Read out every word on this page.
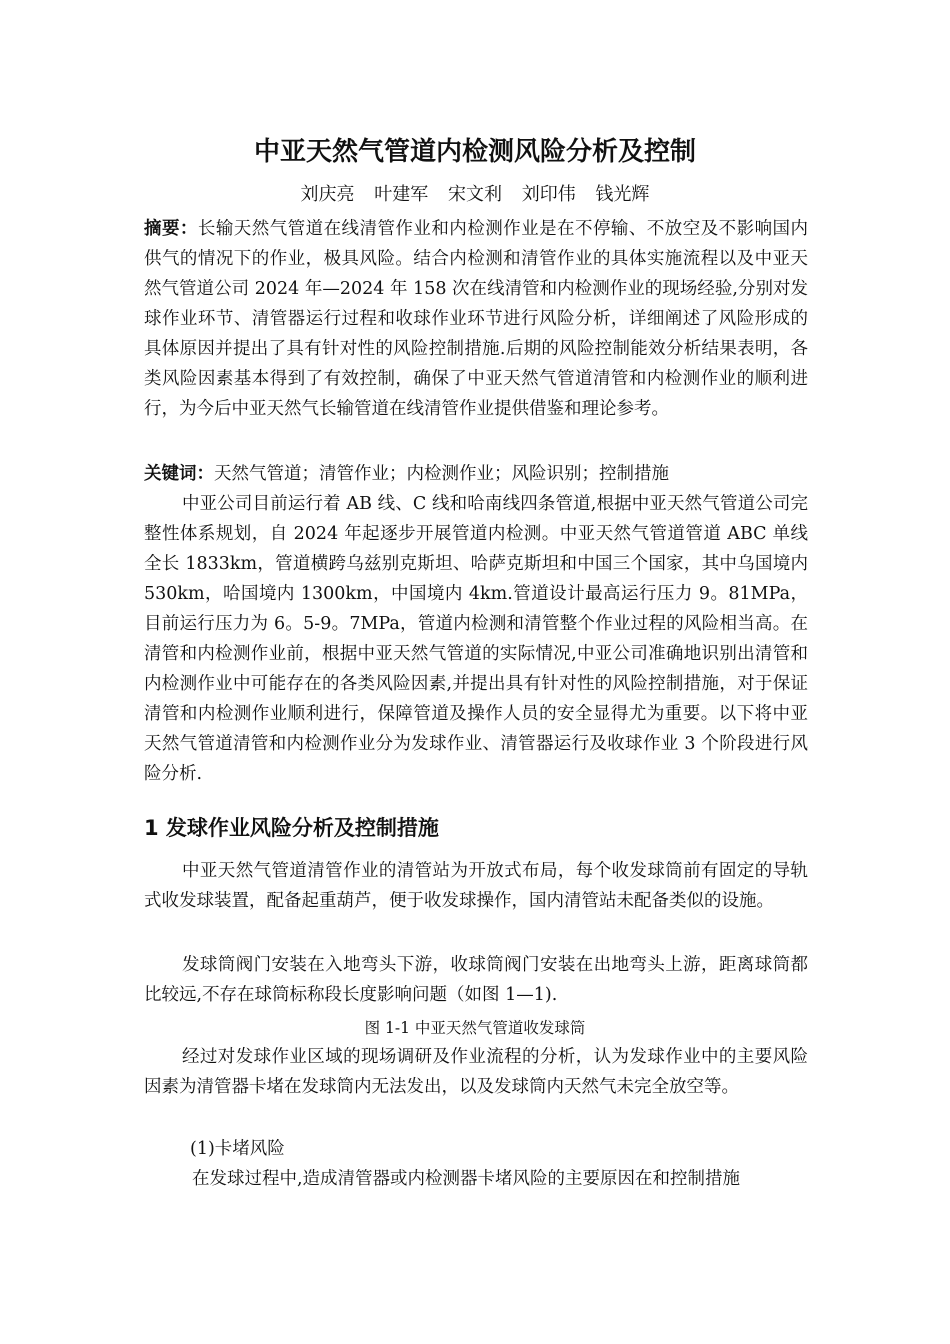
中亚天然气管道内检测风险分析及控制
刘庆亮 叶建军 宋文利 刘印伟 钱光辉
摘要：长输天然气管道在线清管作业和内检测作业是在不停输、不放空及不影响国内供气的情况下的作业，极具风险。结合内检测和清管作业的具体实施流程以及中亚天然气管道公司 2024 年—2024 年 158 次在线清管和内检测作业的现场经验,分别对发球作业环节、清管器运行过程和收球作业环节进行风险分析，详细阐述了风险形成的具体原因并提出了具有针对性的风险控制措施.后期的风险控制能效分析结果表明，各类风险因素基本得到了有效控制，确保了中亚天然气管道清管和内检测作业的顺利进行，为今后中亚天然气长输管道在线清管作业提供借鉴和理论参考。
关键词：天然气管道；清管作业；内检测作业；风险识别；控制措施
中亚公司目前运行着 AB 线、C 线和哈南线四条管道,根据中亚天然气管道公司完整性体系规划，自 2024 年起逐步开展管道内检测。中亚天然气管道管道 ABC 单线全长 1833km，管道横跨乌兹别克斯坦、哈萨克斯坦和中国三个国家，其中乌国境内 530km，哈国境内 1300km，中国境内 4km.管道设计最高运行压力 9。81MPa，目前运行压力为 6。5-9。7MPa，管道内检测和清管整个作业过程的风险相当高。在清管和内检测作业前，根据中亚天然气管道的实际情况,中亚公司准确地识别出清管和内检测作业中可能存在的各类风险因素,并提出具有针对性的风险控制措施，对于保证清管和内检测作业顺利进行，保障管道及操作人员的安全显得尤为重要。以下将中亚天然气管道清管和内检测作业分为发球作业、清管器运行及收球作业 3 个阶段进行风险分析.
1 发球作业风险分析及控制措施
中亚天然气管道清管作业的清管站为开放式布局，每个收发球筒前有固定的导轨式收发球装置，配备起重葫芦，便于收发球操作，国内清管站未配备类似的设施。
发球筒阀门安装在入地弯头下游，收球筒阀门安装在出地弯头上游，距离球筒都比较远,不存在球筒标称段长度影响问题（如图 1—1).
图 1-1 中亚天然气管道收发球筒
经过对发球作业区域的现场调研及作业流程的分析，认为发球作业中的主要风险因素为清管器卡堵在发球筒内无法发出，以及发球筒内天然气未完全放空等。
(1)卡堵风险
在发球过程中,造成清管器或内检测器卡堵风险的主要原因在和控制措施
